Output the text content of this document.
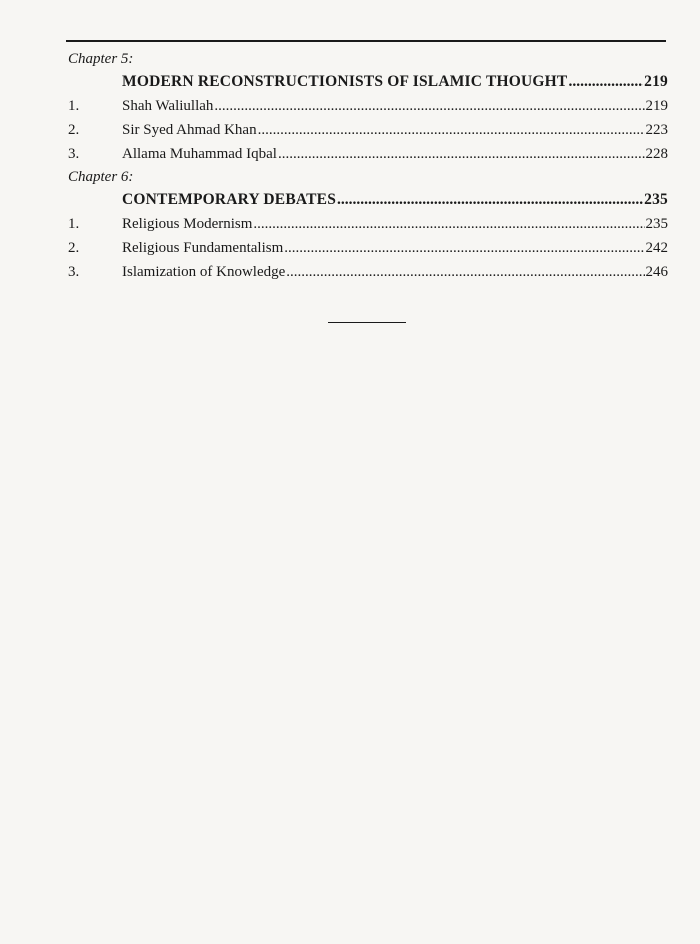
Chapter 5:
MODERN RECONSTRUCTIONISTS OF ISLAMIC THOUGHT .....	219
1.	Shah Waliullah .....	219
2.	Sir Syed Ahmad Khan .....	223
3.	Allama Muhammad Iqbal .....	228
Chapter 6:
CONTEMPORARY DEBATES .....	235
1.	Religious Modernism .....	235
2.	Religious Fundamentalism .....	242
3.	Islamization of Knowledge .....	246
